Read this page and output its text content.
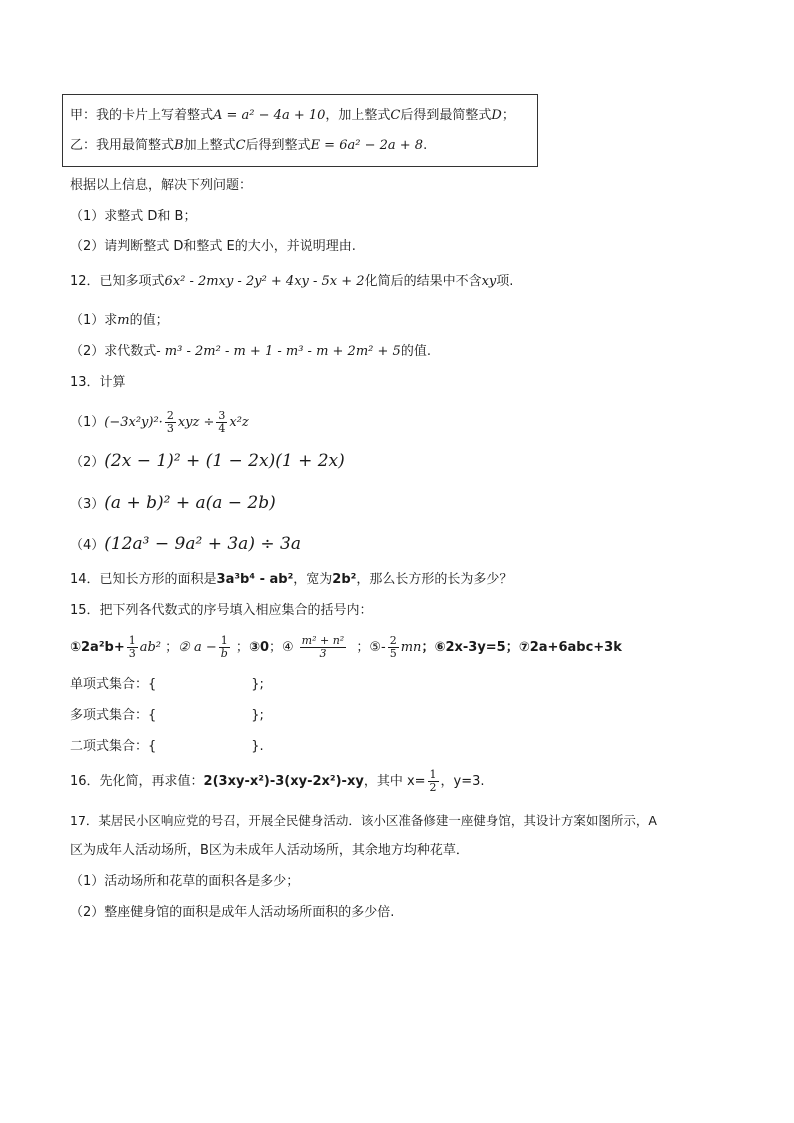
甲：我的卡片上写着整式A = a² − 4a + 10，加上整式C后得到最简整式D；
乙：我用最简整式B加上整式C后得到整式E = 6a² − 2a + 8.
根据以上信息，解决下列问题：
（1）求整式 D和 B；
（2）请判断整式 D和整式 E的大小，并说明理由.
12．已知多项式6x² - 2mxy - 2y² + 4xy - 5x + 2化简后的结果中不含xy项.
（1）求m的值；
（2）求代数式- m³ - 2m² - m + 1 - m³ - m + 2m² + 5的值.
13．计算
$(1)(-3x^2y)^2\cdot \frac{2}{3}$ xyz ÷ $\frac{3}{4} x^2z$
（2）(2x − 1)² + (1 − 2x)(1 + 2x)
（3）(a + b)² + a(a − 2b)
（4）(12a³ − 9a² + 3a) ÷ 3a
14．已知长方形的面积是3a³b⁴ - ab²，宽为2b²，那么长方形的长为多少？
15．把下列各代数式的序号填入相应集合的括号内：
①2a²b+ $\frac{1}{3} ab^2$ ；② $a - \frac{1}{b}$ ；③0；④ $\frac{\text{m² + n²}}{3}$ ；⑤- $\frac{2}{5}$ mn；⑥2x-3y=5；⑦2a+6abc+3k
单项式集合：{	};
多项式集合：{	};
二项式集合：{	}.
16．先化简，再求值：2(3xy-x²)-3(xy-2x²)-xy，其中 $x= \frac{1}{2}$ ，y=3.
17．某居民小区响应党的号召，开展全民健身活动．该小区准备修建一座健身馆，其设计方案如图所示，A
区为成年人活动场所，B区为未成年人活动场所，其余地方均种花草．
（1）活动场所和花草的面积各是多少；
（2）整座健身馆的面积是成年人活动场所面积的多少倍.
